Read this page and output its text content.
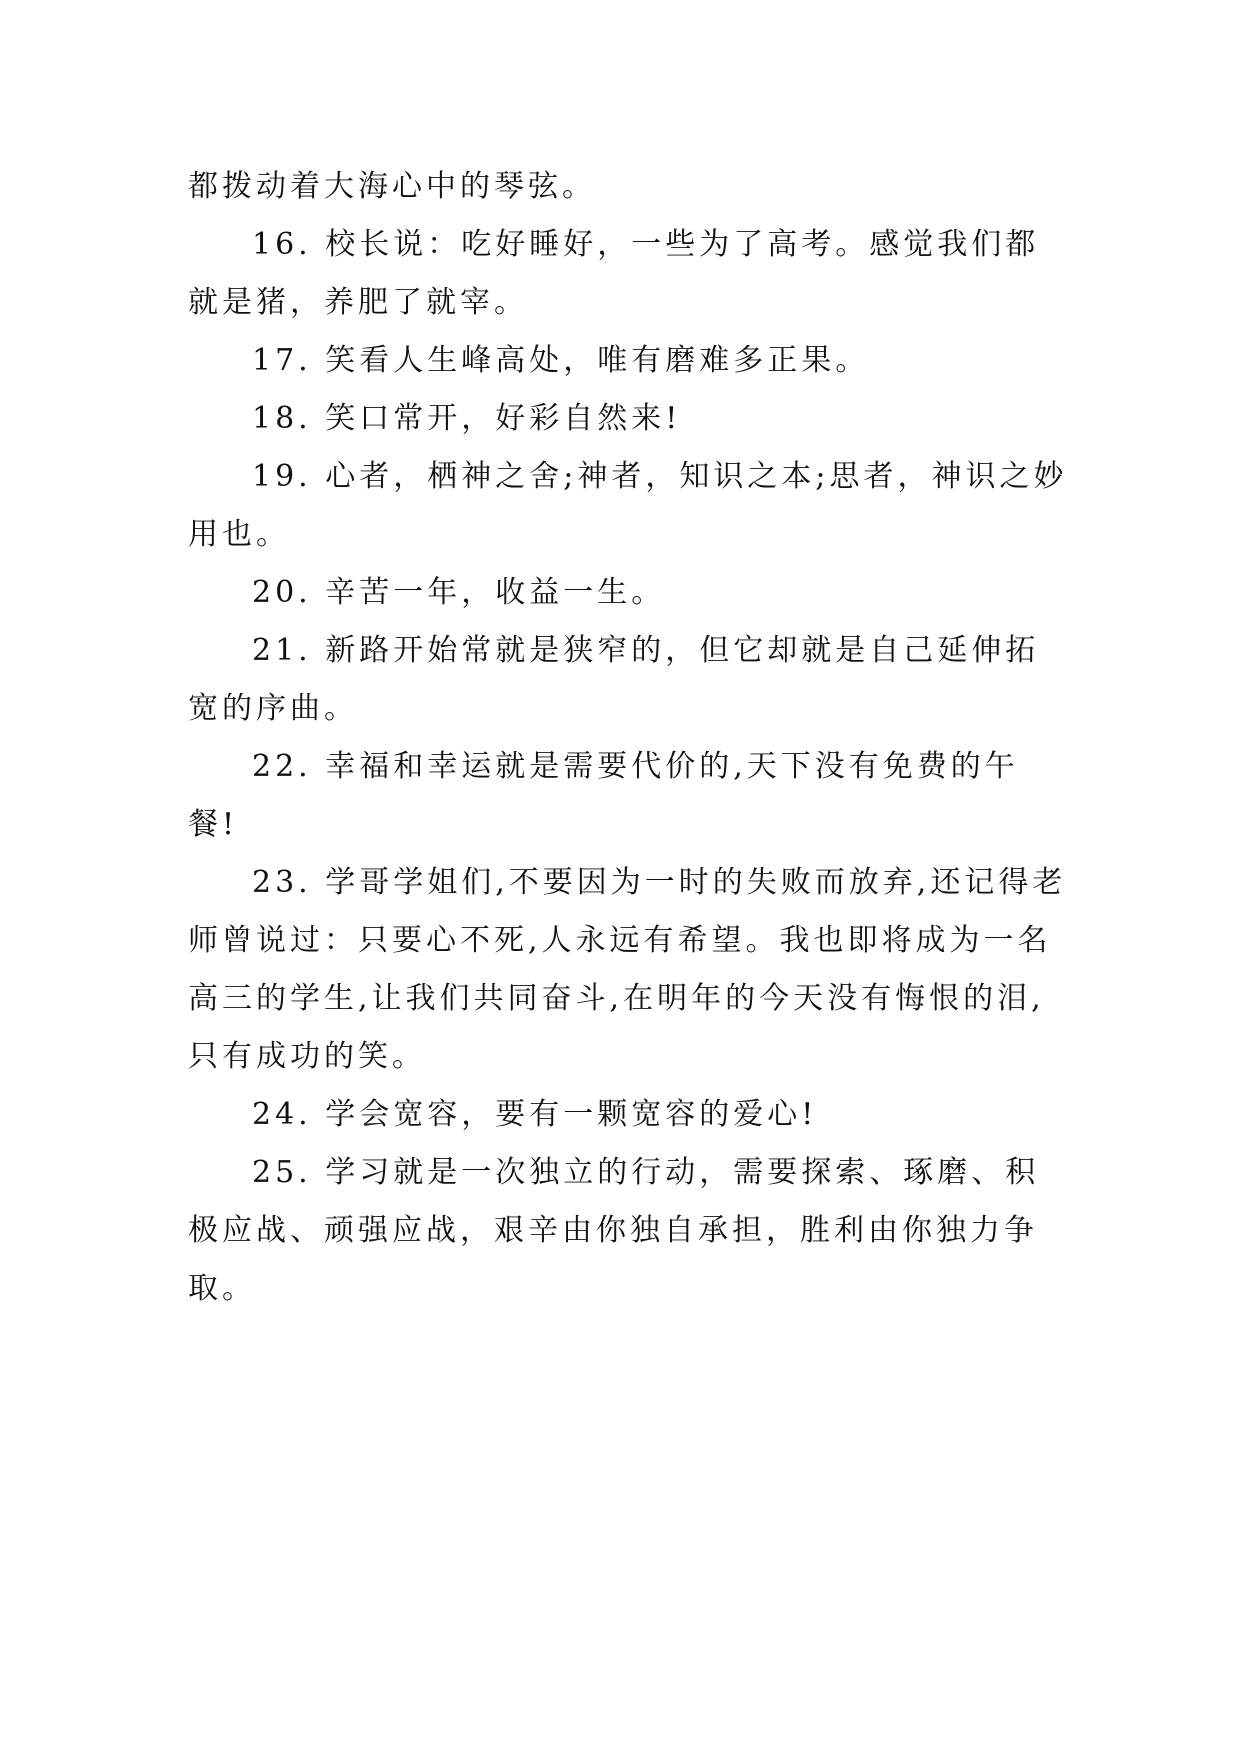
都拨动着大海心中的琴弦。

16. 校长说：吃好睡好，一些为了高考。感觉我们都就是猪，养肥了就宰。

17. 笑看人生峰高处，唯有磨难多正果。

18. 笑口常开，好彩自然来!

19. 心者，栖神之舍;神者，知识之本;思者，神识之妙用也。

20. 辛苦一年，收益一生。

21. 新路开始常就是狭窄的，但它却就是自己延伸拓宽的序曲。

22. 幸福和幸运就是需要代价的,天下没有免费的午餐!

23. 学哥学姐们,不要因为一时的失败而放弃,还记得老师曾说过：只要心不死,人永远有希望。我也即将成为一名高三的学生,让我们共同奋斗,在明年的今天没有悔恨的泪,只有成功的笑。

24. 学会宽容，要有一颗宽容的爱心!

25. 学习就是一次独立的行动，需要探索、琢磨、积极应战、顽强应战，艰辛由你独自承担，胜利由你独力争取。
